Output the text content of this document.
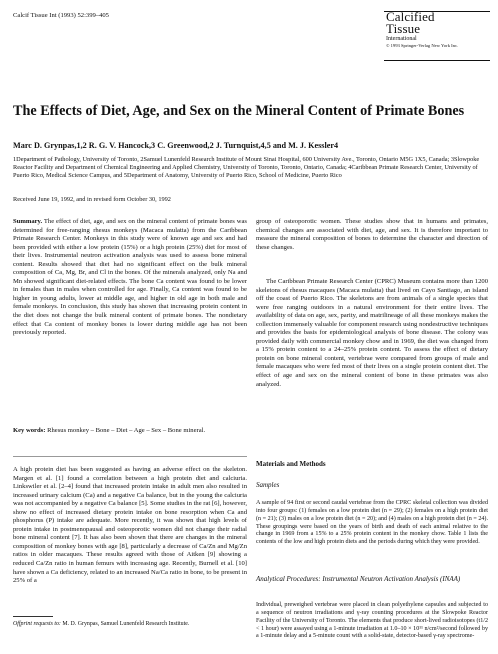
Calcif Tissue Int (1993) 52:399–405	Calcified
Tissue
International
© 1993 Springer-Verlag New York Inc.
The Effects of Diet, Age, and Sex on the Mineral Content of Primate Bones
Marc D. Grynpas,1,2 R. G. V. Hancock,3 C. Greenwood,2 J. Turnquist,4,5 and M. J. Kessler4
1Department of Pathology, University of Toronto, 2Samuel Lunenfeld Research Institute of Mount Sinai Hospital, 600 University Ave., Toronto, Ontario M5G 1X5, Canada; 3Slowpoke Reactor Facility and Department of Chemical Engineering and Applied Chemistry, University of Toronto, Toronto, Ontario, Canada; 4Caribbean Primate Research Center, University of Puerto Rico, Medical Science Campus, and 5Department of Anatomy, University of Puerto Rico, School of Medicine, Puerto Rico
Received June 19, 1992, and in revised form October 30, 1992
Summary. The effect of diet, age, and sex on the mineral content of primate bones was determined for free-ranging rhesus monkeys (Macaca mulatta) from the Caribbean Primate Research Center. Monkeys in this study were of known age and sex and had been provided with either a low protein (15%) or a high protein (25%) diet for most of their lives. Instrumental neutron activation analysis was used to assess bone mineral content. Results showed that diet had no significant effect on the bulk mineral composition of Ca, Mg, Br, and Cl in the bones. Of the minerals analyzed, only Na and Mn showed significant diet-related effects. The bone Ca content was found to be lower in females than in males when controlled for age. Finally, Ca content was found to be higher in young adults, lower at middle age, and higher in old age in both male and female monkeys. In conclusion, this study has shown that increasing protein content in the diet does not change the bulk mineral content of primate bones. The nondietary effect that Ca content of monkey bones is lower during middle age has not been previously reported.
Key words: Rhesus monkey – Bone – Diet – Age – Sex – Bone mineral.
A high protein diet has been suggested as having an adverse effect on the skeleton. Margen et al. [1] found a correlation between a high protein diet and calciuria. Linkswiler et al. [2–4] found that increased protein intake in adult men also resulted in increased urinary calcium (Ca) and a negative Ca balance, but in the young the calciuria was not accompanied by a negative Ca balance [5]. Some studies in the rat [6], however, show no effect of increased dietary protein intake on bone resorption when Ca and phosphorus (P) intake are adequate. More recently, it was shown that high levels of protein intake in postmenopausal and osteoporotic women did not change their radial bone mineral content [7]. It has also been shown that there are changes in the mineral composition of monkey bones with age [8], particularly a decrease of Ca/Zn and Mg/Zn ratios in older macaques. These results agreed with those of Aitken [9] showing a reduced Ca/Zn ratio in human femurs with increasing age. Recently, Burnell et al. [10] have shown a Ca deficiency, related to an increased Na/Ca ratio in bone, to be present in 25% of a
Offprint requests to: M. D. Grynpas, Samuel Lunenfeld Research Institute.
group of osteoporotic women. These studies show that in humans and primates, chemical changes are associated with diet, age, and sex. It is therefore important to measure the mineral composition of bones to determine the character and direction of these changes.
The Caribbean Primate Research Center (CPRC) Museum contains more than 1200 skeletons of rhesus macaques (Macaca mulatta) that lived on Cayo Santiago, an island off the coast of Puerto Rico. The skeletons are from animals of a single species that were free ranging outdoors in a natural environment for their entire lives. The availability of data on age, sex, parity, and matrilineage of all these monkeys makes the collection immensely valuable for component research using nondestructive techniques and provides the basis for epidemiological analysis of bone disease. The colony was provided daily with commercial monkey chow and in 1969, the diet was changed from a 15% protein content to a 24–25% protein content. To assess the effect of dietary protein on bone mineral content, vertebrae were compared from groups of male and female macaques who were fed most of their lives on a single protein content diet. The effect of age and sex on the mineral content of bone in these primates was also analyzed.
Materials and Methods
Samples
A sample of 94 first or second caudal vertebrae from the CPRC skeletal collection was divided into four groups: (1) females on a low protein diet (n = 29); (2) females on a high protein diet (n = 21); (3) males on a low protein diet (n = 20); and (4) males on a high protein diet (n = 24). These groupings were based on the years of birth and death of each animal relative to the change in 1969 from a 15% to a 25% protein content in the monkey chow. Table 1 lists the contents of the low and high protein diets and the periods during which they were provided.
Analytical Procedures: Instrumental Neutron Activation Analysis (INAA)
Individual, preweighed vertebrae were placed in clean polyethylene capsules and subjected to a sequence of neutron irradiations and γ-ray counting procedures at the Slowpoke Reactor Facility of the University of Toronto. The elements that produce short-lived radioisotopes (t1/2 < 1 hour) were assayed using a 1-minute irradiation at 1.0–10 × 10¹¹ n/cm²/second followed by a 1-minute delay and a 5-minute count with a solid-state, detector-based γ-ray spectrome-
